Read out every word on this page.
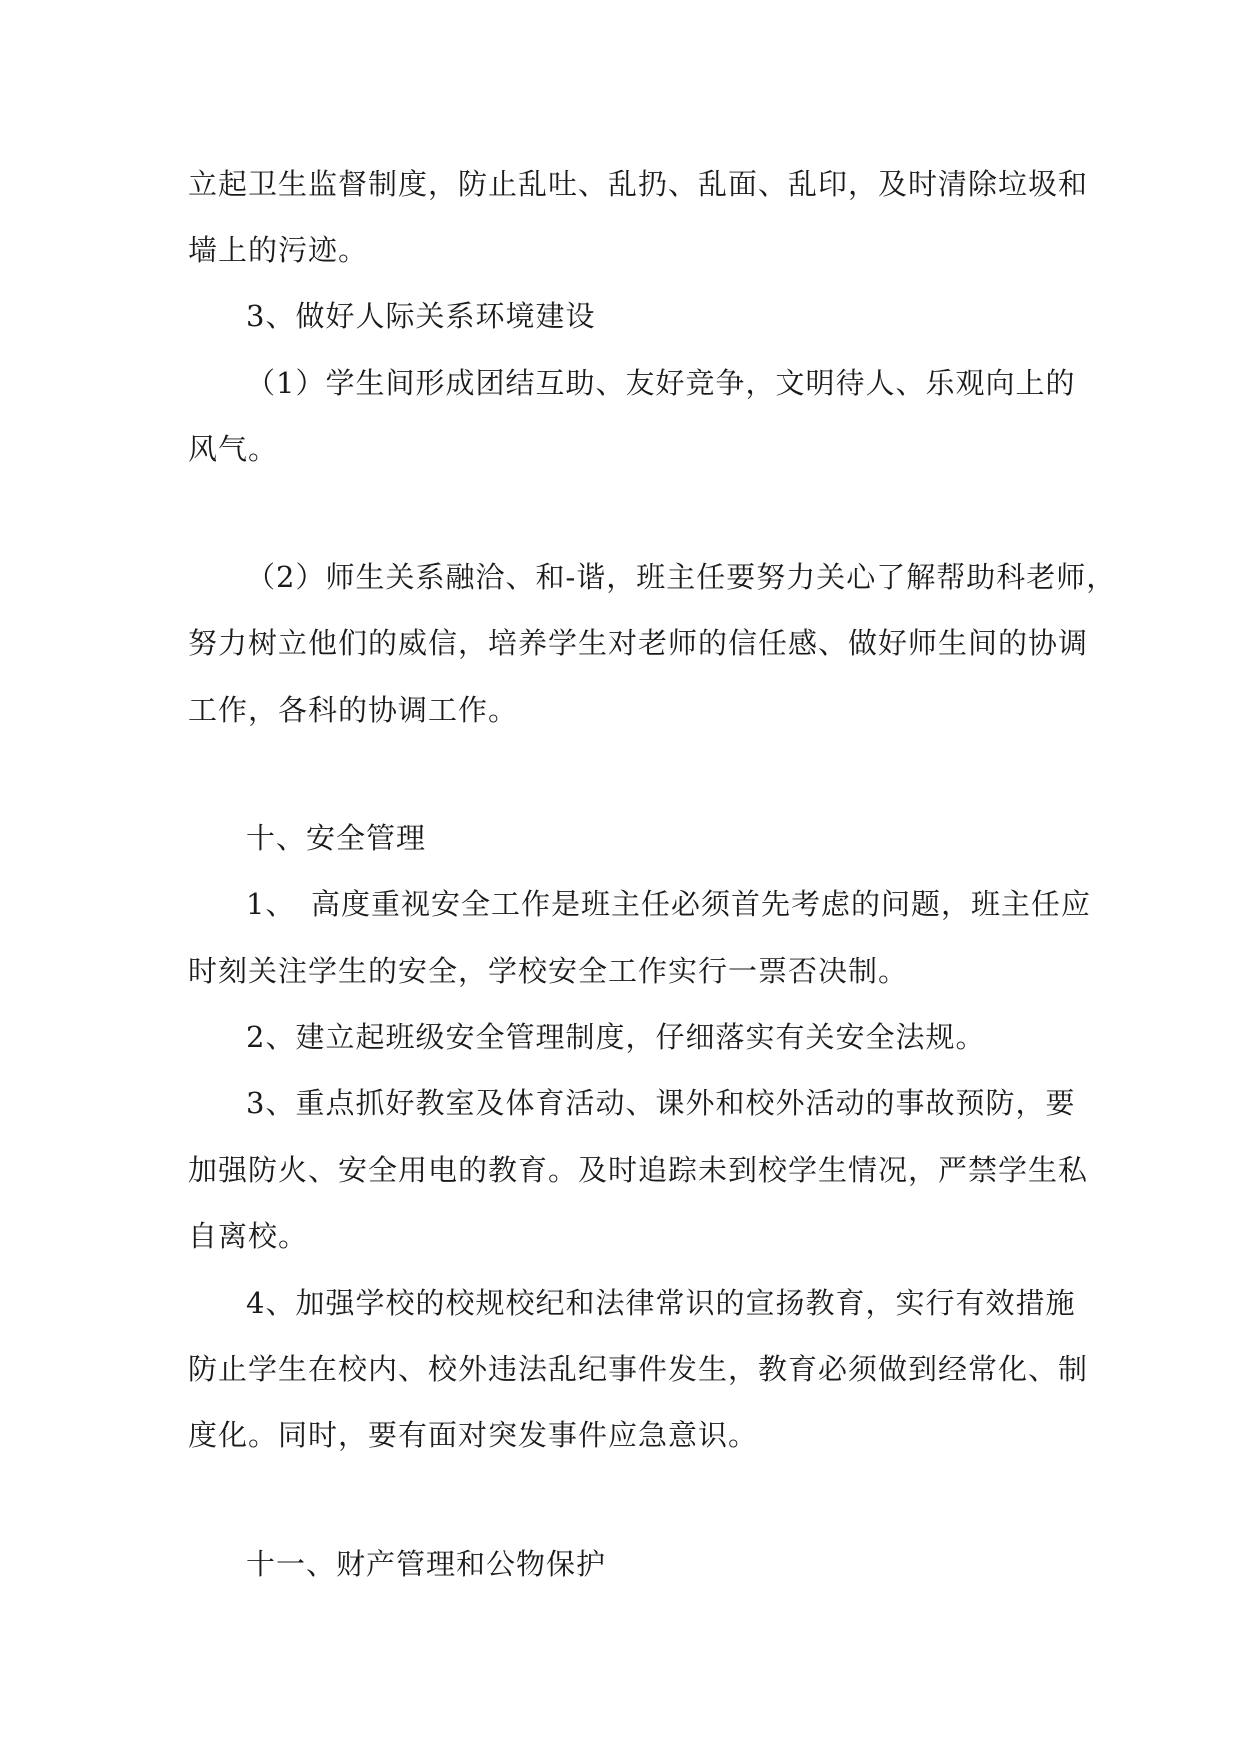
立起卫生监督制度，防止乱吐、乱扔、乱面、乱印，及时清除垃圾和
墙上的污迹。
3、做好人际关系环境建设
（1）学生间形成团结互助、友好竞争，文明待人、乐观向上的
风气。
（2）师生关系融洽、和-谐，班主任要努力关心了解帮助科老师，
努力树立他们的威信，培养学生对老师的信任感、做好师生间的协调
工作，各科的协调工作。
十、安全管理
1、　高度重视安全工作是班主任必须首先考虑的问题，班主任应
时刻关注学生的安全，学校安全工作实行一票否决制。
2、建立起班级安全管理制度，仔细落实有关安全法规。
3、重点抓好教室及体育活动、课外和校外活动的事故预防，要
加强防火、安全用电的教育。及时追踪未到校学生情况，严禁学生私
自离校。
4、加强学校的校规校纪和法律常识的宣扬教育，实行有效措施
防止学生在校内、校外违法乱纪事件发生，教育必须做到经常化、制
度化。同时，要有面对突发事件应急意识。
十一、财产管理和公物保护
